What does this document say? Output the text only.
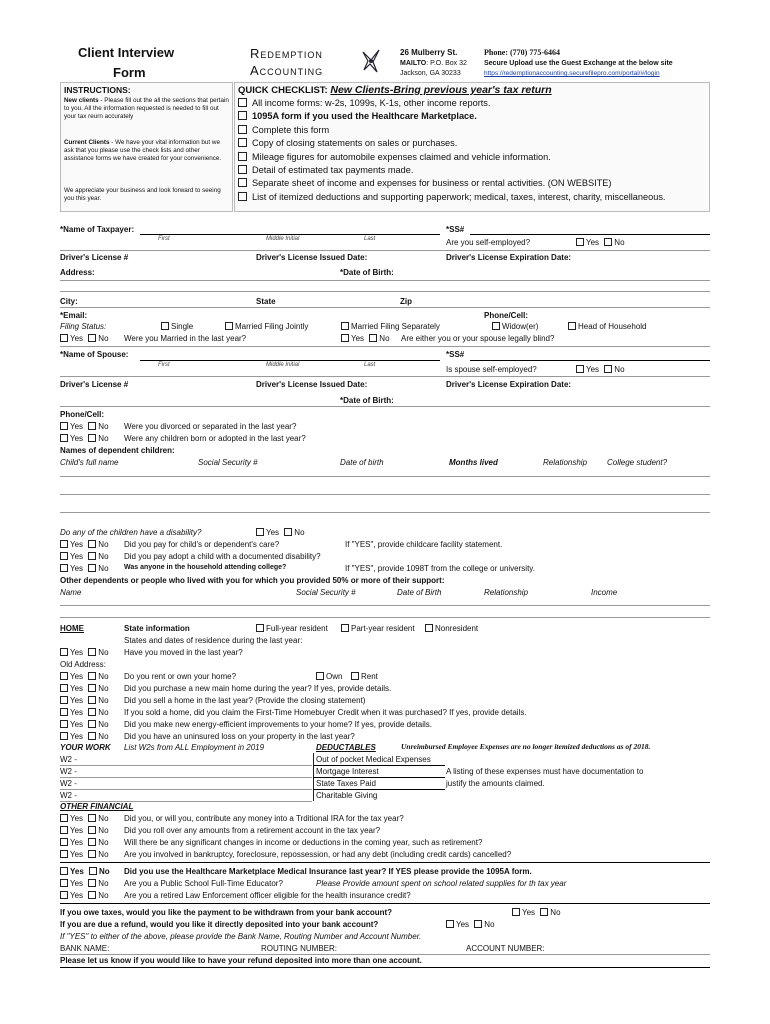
Client Interview
Form
Redemption
Accounting
26 Mulberry St.
MAILTO: P.O. Box 32
Jackson, GA 30233
Phone: (770) 775-6464
Secure Upload use the Guest Exchange at the below site
https://redemptionaccounting.securefilepro.com/portal/#/login
INSTRUCTIONS:
New clients - Please fill out the all the sections that pertain to you. All the information requested is needed to fill out your tax reurn accurately
Current Clients - We have your vital information but we ask that you please use the check lists and other assistance forms we have created for your convenience.
We appreciate your business and look forward to seeing you this year.
QUICK CHECKLIST: New Clients-Bring previous year's tax return
All income forms: w-2s, 1099s, K-1s, other income reports.
1095A form if you used the Healthcare Marketplace.
Complete this form
Copy of closing statements on sales or purchases.
Mileage figures for automobile expenses claimed and vehicle information.
Detail of estimated tax payments made.
Separate sheet of income and expenses for business or rental activities. (ON WEBSITE)
List of itemized deductions and supporting paperwork; medical, taxes, interest, charity, miscellaneous.
*Name of Taxpayer:
First	Middle Initial	Last
*SS#
Are you self-employed?	Yes No
Driver's License #	Driver's License Issued Date:	Driver's License Expiration Date:
Address:	*Date of Birth:
City:	State	Zip
*Email:	Phone/Cell:
Filing Status:	Single	Married Filing Jointly	Married Filing Separately	Widow(er)	Head of Household
Yes No Were you Married in the last year?	Yes No Are either you or your spouse legally blind?
*Name of Spouse:
First	Middle Initial	Last
*SS#
Is spouse self-employed?	Yes No
Driver's License #	Driver's License Issued Date:	Driver's License Expiration Date:
*Date of Birth:
Phone/Cell:
Yes No Were you divorced or separated in the last year?
Yes No Were any children born or adopted in the last year?
Names of dependent children:
Child's full name	Social Security #	Date of birth	Months lived	Relationship College student?
Do any of the children have a disability?	Yes No
Yes No Did you pay for child's or dependent's care?	If "YES", provide childcare facility statement.
Yes No Did you pay adopt a child with a documented disability?
Yes No Was anyone in the household attending college?	If "YES", provide 1098T from the college or university.
Other dependents or people who lived with you for which you provided 50% or more of their support:
Name	Social Security #	Date of Birth	Relationship	Income
HOME	State information	Full-year resident	Part-year resident	Nonresident
States and dates of residence during the last year:
Yes No Have you moved in the last year?
Old Address:
Yes No Do you rent or own your home?	Own	Rent
Yes No Did you purchase a new main home during the year? If yes, provide details.
Yes No Did you sell a home in the last year? (Provide the closing statement)
Yes No If you sold a home, did you claim the First-Time Homebuyer Credit when it was purchased? If yes, provide details.
Yes No Did you make new energy-efficient improvements to your home? If yes, provide details.
Yes No Did you have an uninsured loss on your property in the last year?
YOUR WORK List W2s from ALL Employment in 2019	DEDUCTABLES	Unreimbursed Employee Expenses are no longer itemized deductions as of 2018.
W2 -
W2 -
W2 -
W2 -
Out of pocket Medical Expenses
Mortgage Interest
State Taxes Paid
Charitable Giving
A listing of these expenses must have documentation to
justify the amounts claimed.
OTHER FINANCIAL
Yes No Did you, or will you, contribute any money into a Trditional IRA for the tax year?
Yes No Did you roll over any amounts from a retirement account in the tax year?
Yes No Will there be any significant changes in income or deductions in the coming year, such as retirement?
Yes No Are you involved in bankruptcy, foreclosure, repossession, or had any debt (including credit cards) cancelled?
Yes No Did you use the Healthcare Marketplace Medical Insurance last year? If YES please provide the 1095A form.
Yes No Are you a Public School Full-Time Educator?	Please Provide amount spent on school related supplies for th tax year
Yes No Are you a retired Law Enforcement officer eligible for the health insurance credit?
If you owe taxes, would you like the payment to be withdrawn from your bank account?	Yes No
If you are due a refund, would you like it directly deposited into your bank account?	Yes No
If "YES" to either of the above, please provide the Bank Name, Routing Number and Account Number.
BANK NAME:	ROUTING NUMBER:	ACCOUNT NUMBER:
Please let us know if you would like to have your refund deposited into more than one account.
